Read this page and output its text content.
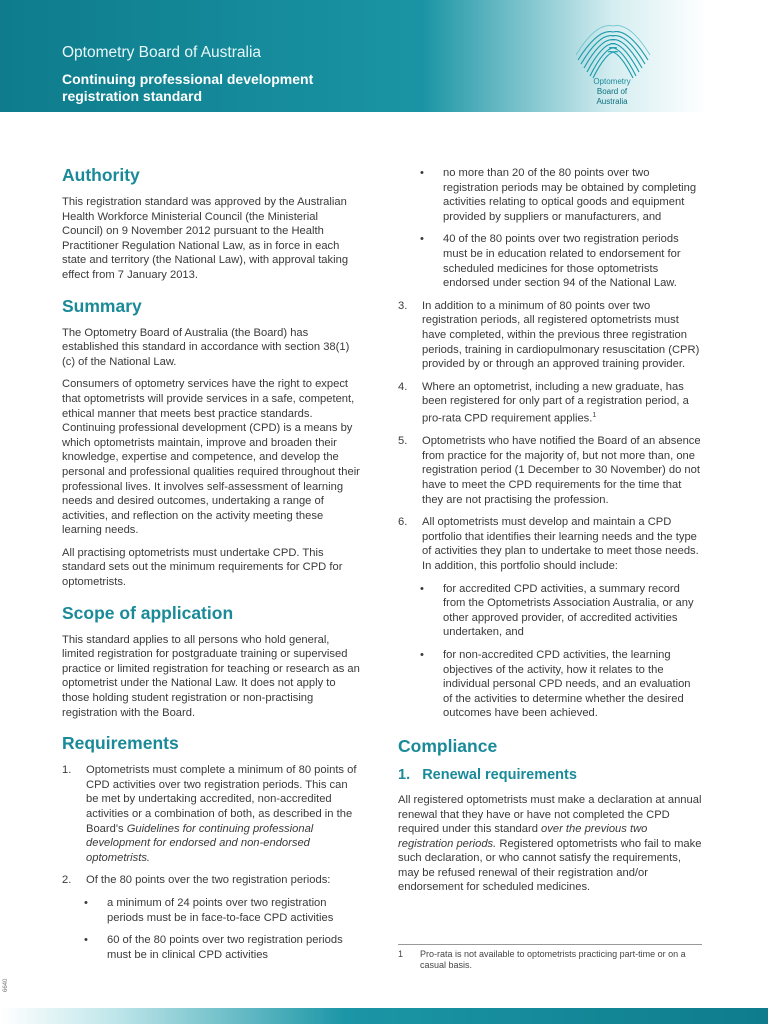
Optometry Board of Australia
Continuing professional development registration standard
Optometry
Board of
Australia
Authority

This registration standard was approved by the Australian Health Workforce Ministerial Council (the Ministerial Council) on 9 November 2012 pursuant to the Health Practitioner Regulation National Law, as in force in each state and territory (the National Law), with approval taking effect from 7 January 2013.

Summary

The Optometry Board of Australia (the Board) has established this standard in accordance with section 38(1)(c) of the National Law.

Consumers of optometry services have the right to expect that optometrists will provide services in a safe, competent, ethical manner that meets best practice standards. Continuing professional development (CPD) is a means by which optometrists maintain, improve and broaden their knowledge, expertise and competence, and develop the personal and professional qualities required throughout their professional lives. It involves self-assessment of learning needs and desired outcomes, undertaking a range of activities, and reflection on the activity meeting these learning needs.

All practising optometrists must undertake CPD. This standard sets out the minimum requirements for CPD for optometrists.

Scope of application

This standard applies to all persons who hold general, limited registration for postgraduate training or supervised practice or limited registration for teaching or research as an optometrist under the National Law. It does not apply to those holding student registration or non-practising registration with the Board.

Requirements
1. Optometrists must complete a minimum of 80 points of CPD activities over two registration periods. This can be met by undertaking accredited, non-accredited activities or a combination of both, as described in the Board's Guidelines for continuing professional development for endorsed and non-endorsed optometrists.
2. Of the 80 points over the two registration periods:
• a minimum of 24 points over two registration periods must be in face-to-face CPD activities
• 60 of the 80 points over two registration periods must be in clinical CPD activities
• no more than 20 of the 80 points over two registration periods may be obtained by completing activities relating to optical goods and equipment provided by suppliers or manufacturers, and
• 40 of the 80 points over two registration periods must be in education related to endorsement for scheduled medicines for those optometrists endorsed under section 94 of the National Law.
3. In addition to a minimum of 80 points over two registration periods, all registered optometrists must have completed, within the previous three registration periods, training in cardiopulmonary resuscitation (CPR) provided by or through an approved training provider.
4. Where an optometrist, including a new graduate, has been registered for only part of a registration period, a pro-rata CPD requirement applies.$^1$
5. Optometrists who have notified the Board of an absence from practice for the majority of, but not more than, one registration period (1 December to 30 November) do not have to meet the CPD requirements for the time that they are not practising the profession.
6. All optometrists must develop and maintain a CPD portfolio that identifies their learning needs and the type of activities they plan to undertake to meet those needs. In addition, this portfolio should include:
• for accredited CPD activities, a summary record from the Optometrists Association Australia, or any other approved provider, of accredited activities undertaken, and
• for non-accredited CPD activities, the learning objectives of the activity, how it relates to the individual personal CPD needs, and an evaluation of the activities to determine whether the desired outcomes have been achieved.
Compliance
1. Renewal requirements

All registered optometrists must make a declaration at annual renewal that they have or have not completed the CPD required under this standard over the previous two registration periods. Registered optometrists who fail to make such declaration, or who cannot satisfy the requirements, may be refused renewal of their registration and/or endorsement for scheduled medicines.

1 Pro-rata is not available to optometrists practicing part-time or on a casual basis.
6640
